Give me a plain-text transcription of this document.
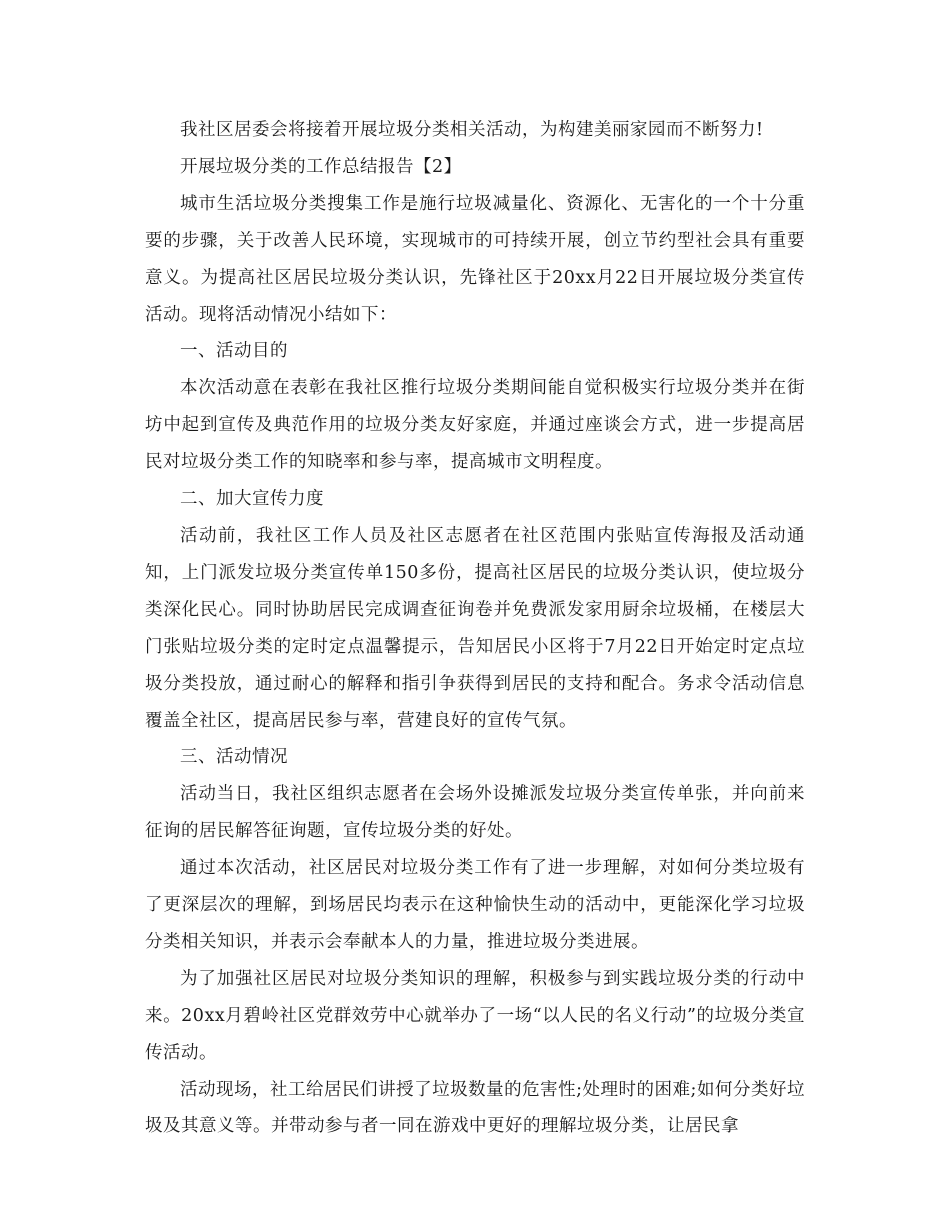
我社区居委会将接着开展垃圾分类相关活动，为构建美丽家园而不断努力!

开展垃圾分类的工作总结报告【2】

城市生活垃圾分类搜集工作是施行垃圾减量化、资源化、无害化的一个十分重要的步骤，关于改善人民环境，实现城市的可持续开展，创立节约型社会具有重要意义。为提高社区居民垃圾分类认识，先锋社区于20xx月22日开展垃圾分类宣传活动。现将活动情况小结如下：

一、活动目的

本次活动意在表彰在我社区推行垃圾分类期间能自觉积极实行垃圾分类并在街坊中起到宣传及典范作用的垃圾分类友好家庭，并通过座谈会方式，进一步提高居民对垃圾分类工作的知晓率和参与率，提高城市文明程度。

二、加大宣传力度

活动前，我社区工作人员及社区志愿者在社区范围内张贴宣传海报及活动通知，上门派发垃圾分类宣传单150多份，提高社区居民的垃圾分类认识，使垃圾分类深化民心。同时协助居民完成调查征询卷并免费派发家用厨余垃圾桶，在楼层大门张贴垃圾分类的定时定点温馨提示，告知居民小区将于7月22日开始定时定点垃圾分类投放，通过耐心的解释和指引争获得到居民的支持和配合。务求令活动信息覆盖全社区，提高居民参与率，营建良好的宣传气氛。

三、活动情况

活动当日，我社区组织志愿者在会场外设摊派发垃圾分类宣传单张，并向前来征询的居民解答征询题，宣传垃圾分类的好处。

通过本次活动，社区居民对垃圾分类工作有了进一步理解，对如何分类垃圾有了更深层次的理解，到场居民均表示在这种愉快生动的活动中，更能深化学习垃圾分类相关知识，并表示会奉献本人的力量，推进垃圾分类进展。

为了加强社区居民对垃圾分类知识的理解，积极参与到实践垃圾分类的行动中来。20xx月碧岭社区党群效劳中心就举办了一场“以人民的名义行动”的垃圾分类宣传活动。

活动现场，社工给居民们讲授了垃圾数量的危害性;处理时的困难;如何分类好垃圾及其意义等。并带动参与者一同在游戏中更好的理解垃圾分类，让居民拿
